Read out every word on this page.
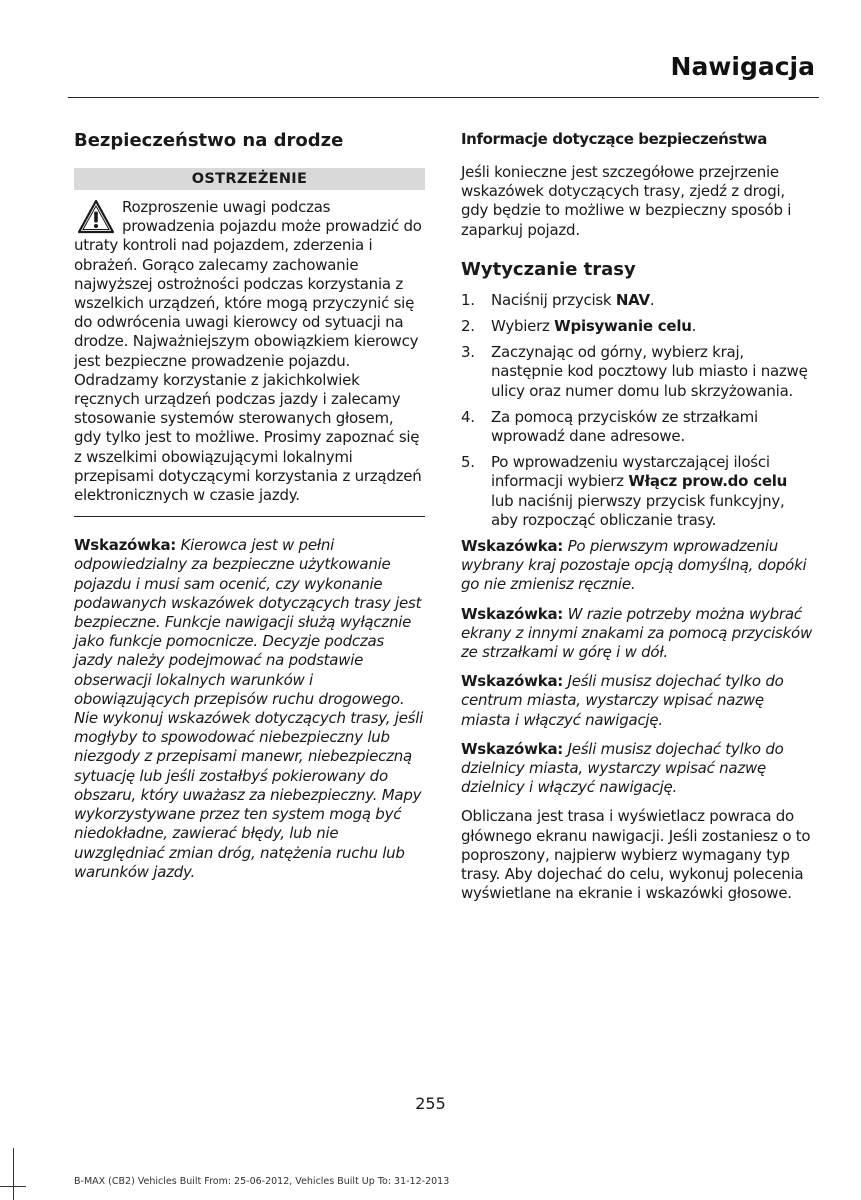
Nawigacja
Bezpieczeństwo na drodze
OSTRZEŻENIE

Rozproszenie uwagi podczas prowadzenia pojazdu może prowadzić do utraty kontroli nad pojazdem, zderzenia i obrażeń. Gorąco zalecamy zachowanie najwyższej ostrożności podczas korzystania z wszelkich urządzeń, które mogą przyczynić się do odwrócenia uwagi kierowcy od sytuacji na drodze. Najważniejszym obowiązkiem kierowcy jest bezpieczne prowadzenie pojazdu. Odradzamy korzystanie z jakichkolwiek ręcznych urządzeń podczas jazdy i zalecamy stosowanie systemów sterowanych głosem, gdy tylko jest to możliwe. Prosimy zapoznać się z wszelkimi obowiązującymi lokalnymi przepisami dotyczącymi korzystania z urządzeń elektronicznych w czasie jazdy.

Wskazówka: Kierowca jest w pełni odpowiedzialny za bezpieczne użytkowanie pojazdu i musi sam ocenić, czy wykonanie podawanych wskazówek dotyczących trasy jest bezpieczne. Funkcje nawigacji służą wyłącznie jako funkcje pomocnicze. Decyzje podczas jazdy należy podejmować na podstawie obserwacji lokalnych warunków i obowiązujących przepisów ruchu drogowego. Nie wykonuj wskazówek dotyczących trasy, jeśli mogłyby to spowodować niebezpieczny lub niezgody z przepisami manewr, niebezpieczną sytuację lub jeśli zostałbyś pokierowany do obszaru, który uważasz za niebezpieczny. Mapy wykorzystywane przez ten system mogą być niedokładne, zawierać błędy, lub nie uwzględniać zmian dróg, natężenia ruchu lub warunków jazdy.

Informacje dotyczące bezpieczeństwa

Jeśli konieczne jest szczegółowe przejrzenie wskazówek dotyczących trasy, zjedź z drogi, gdy będzie to możliwe w bezpieczny sposób i zaparkuj pojazd.

Wytyczanie trasy
1.	Naciśnij przycisk NAV.
2.	Wybierz Wpisywanie celu.
3.	Zaczynając od górny, wybierz kraj, następnie kod pocztowy lub miasto i nazwę ulicy oraz numer domu lub skrzyżowania.
4.	Za pomocą przycisków ze strzałkami wprowadź dane adresowe.
5.	Po wprowadzeniu wystarczającej ilości informacji wybierz Włącz prow.do celu lub naciśnij pierwszy przycisk funkcyjny, aby rozpocząć obliczanie trasy.

Wskazówka: Po pierwszym wprowadzeniu wybrany kraj pozostaje opcją domyślną, dopóki go nie zmienisz ręcznie.

Wskazówka: W razie potrzeby można wybrać ekrany z innymi znakami za pomocą przycisków ze strzałkami w górę i w dół.

Wskazówka: Jeśli musisz dojechać tylko do centrum miasta, wystarczy wpisać nazwę miasta i włączyć nawigację.

Wskazówka: Jeśli musisz dojechać tylko do dzielnicy miasta, wystarczy wpisać nazwę dzielnicy i włączyć nawigację.

Obliczana jest trasa i wyświetlacz powraca do głównego ekranu nawigacji. Jeśli zostaniesz o to poproszony, najpierw wybierz wymagany typ trasy. Aby dojechać do celu, wykonuj polecenia wyświetlane na ekranie i wskazówki głosowe.

255
B-MAX (CB2) Vehicles Built From: 25-06-2012, Vehicles Built Up To: 31-12-2013
